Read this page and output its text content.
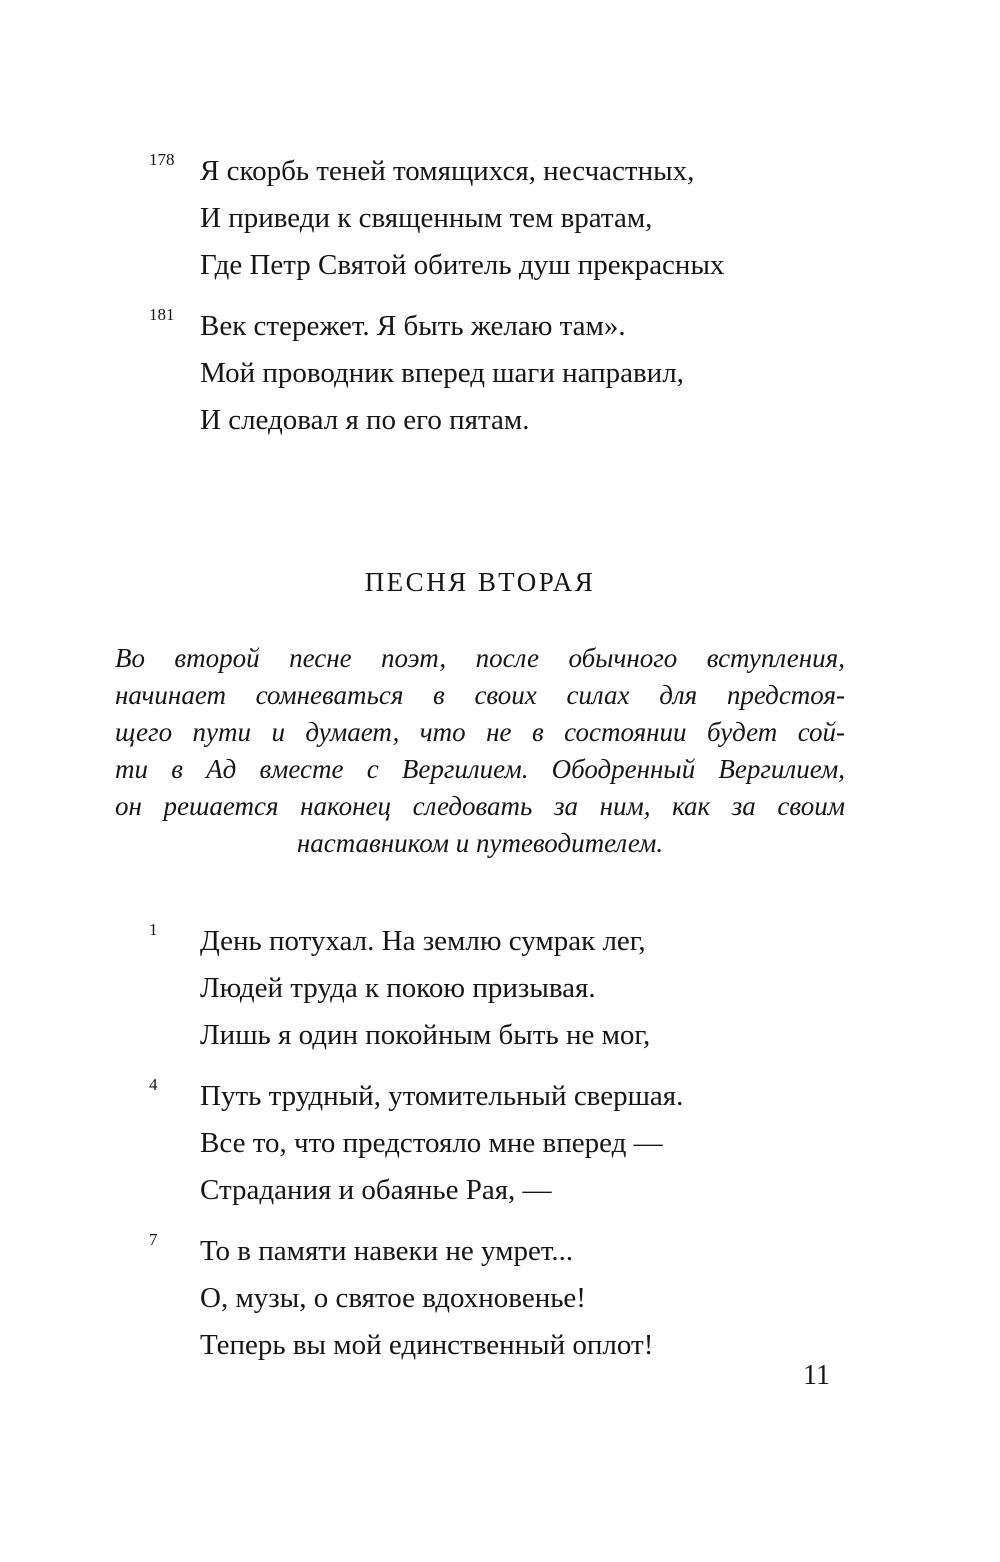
178 Я скорбь теней томящихся, несчастных,
И приведи к священным тем вратам,
Где Петр Святой обитель душ прекрасных
181 Век стережет. Я быть желаю там».
Мой проводник вперед шаги направил,
И следовал я по его пятам.
ПЕСНЯ ВТОРАЯ
Во второй песне поэт, после обычного вступления,
начинает сомневаться в своих силах для предстоя-
щего пути и думает, что не в состоянии будет сой-
ти в Ад вместе с Вергилием. Ободренный Вергилием,
он решается наконец следовать за ним, как за своим
наставником и путеводителем.
1 День потухал. На землю сумрак лег,
Людей труда к покою призывая.
Лишь я один покойным быть не мог,
4 Путь трудный, утомительный свершая.
Все то, что предстояло мне вперед —
Страдания и обаянье Рая, —
7 То в памяти навеки не умрет...
О, музы, о святое вдохновенье!
Теперь вы мой единственный оплот!
11
